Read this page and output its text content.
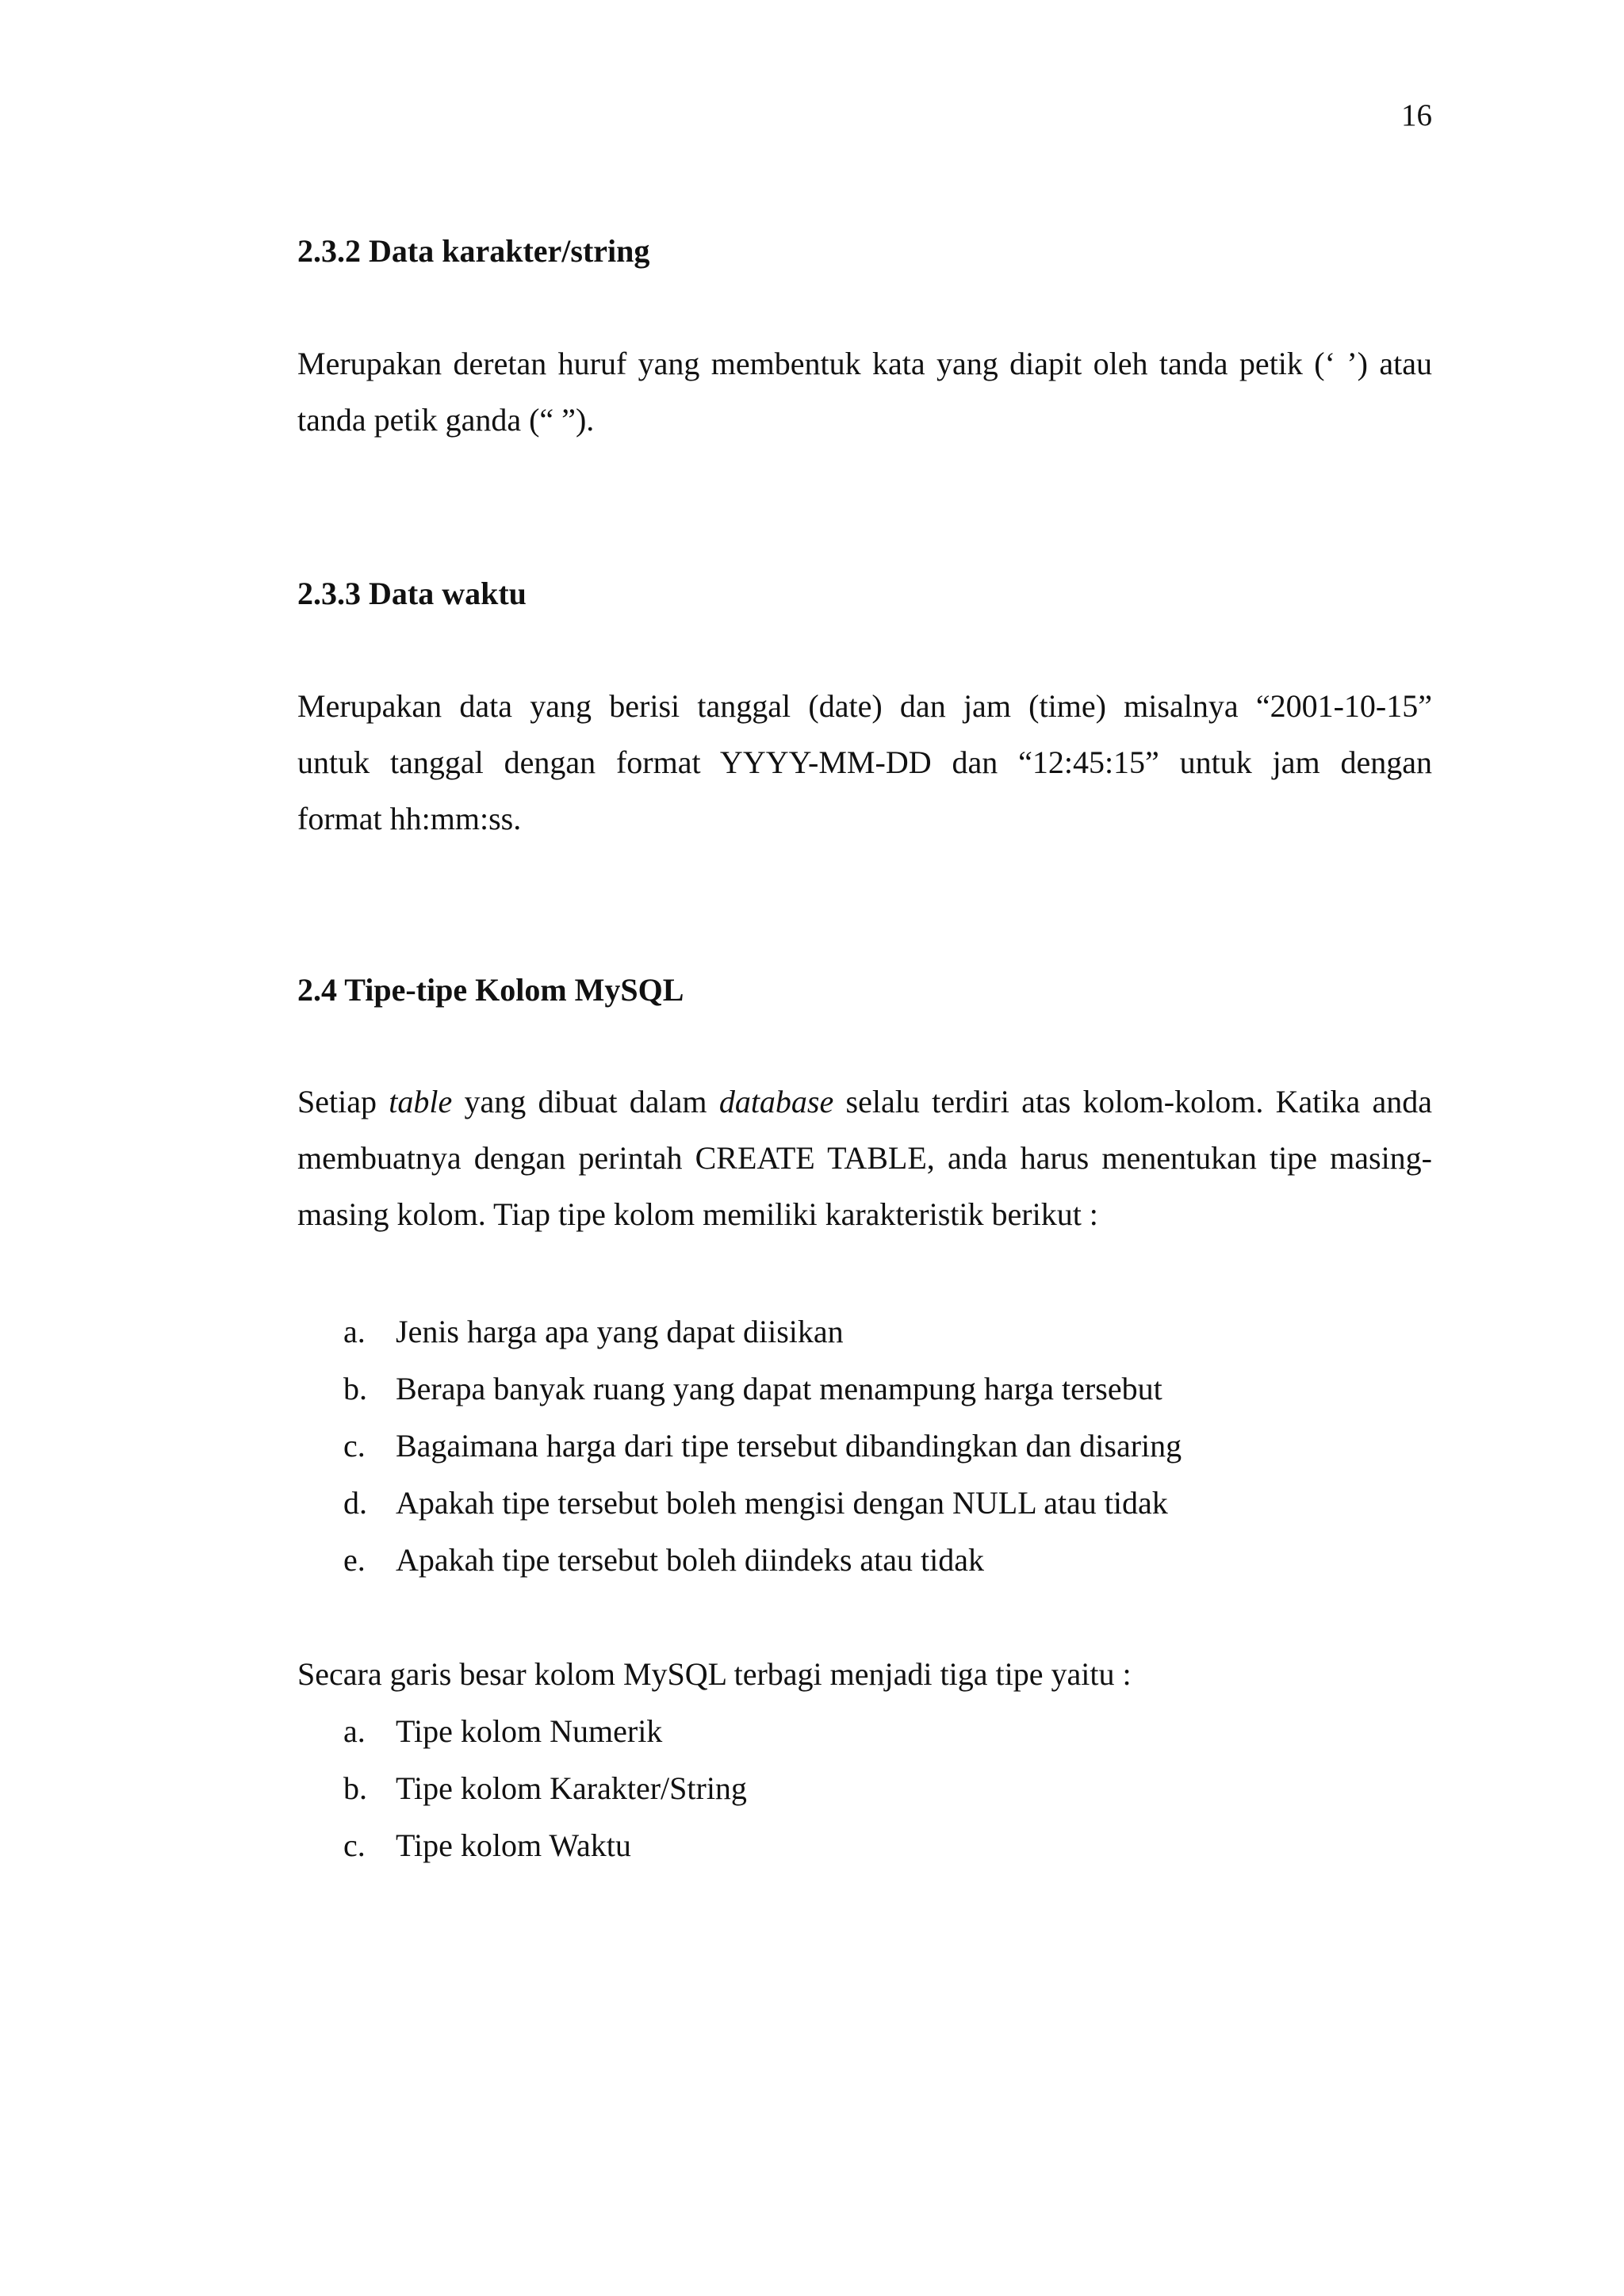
16
2.3.2 Data karakter/string

Merupakan deretan huruf yang membentuk kata yang diapit oleh tanda petik (‘ ’) atau
tanda petik ganda (“ ”).

2.3.3 Data waktu

Merupakan data yang berisi tanggal (date) dan jam (time) misalnya “2001-10-15”
untuk tanggal dengan format YYYY-MM-DD dan “12:45:15” untuk jam dengan
format hh:mm:ss.

2.4 Tipe-tipe Kolom MySQL

Setiap table yang dibuat dalam database selalu terdiri atas kolom-kolom. Katika anda
membuatnya dengan perintah CREATE TABLE, anda harus menentukan tipe masing-
masing kolom. Tiap tipe kolom memiliki karakteristik berikut :

a. Jenis harga apa yang dapat diisikan
b. Berapa banyak ruang yang dapat menampung harga tersebut
c. Bagaimana harga dari tipe tersebut dibandingkan dan disaring
d. Apakah tipe tersebut boleh mengisi dengan NULL atau tidak
e. Apakah tipe tersebut boleh diindeks atau tidak

Secara garis besar kolom MySQL terbagi menjadi tiga tipe yaitu :

a. Tipe kolom Numerik
b. Tipe kolom Karakter/String
c. Tipe kolom Waktu
